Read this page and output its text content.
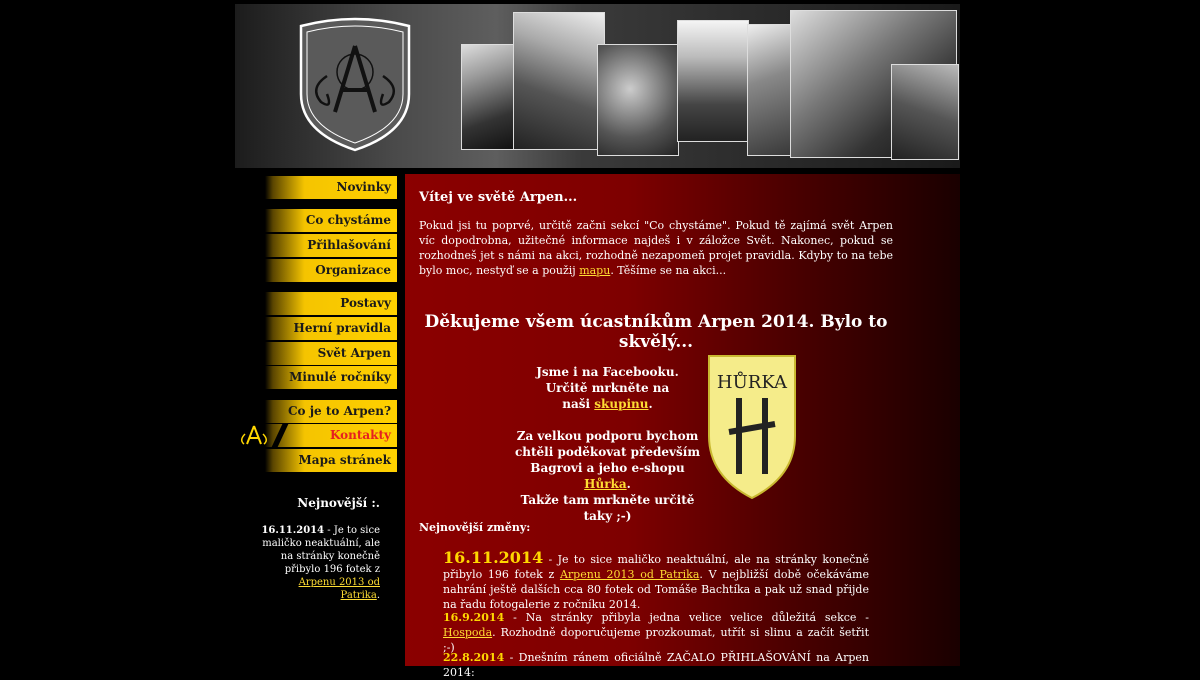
Novinky
Co chystáme
Přihlašování
Organizace
Postavy
Herní pravidla
Svět Arpen
Minulé ročníky
Co je to Arpen?
Kontakty
Mapa stránek
Nejnovější :.
16.11.2014 - Je to sice maličko neaktuální, ale na stránky konečně přibylo 196 fotek z Arpenu 2013 od Patrika.
Vítej ve světě Arpen...
Pokud jsi tu poprvé, určitě začni sekcí "Co chystáme". Pokud tě zajímá svět Arpen víc dopodrobna, užitečné informace najdeš i v záložce Svět. Nakonec, pokud se rozhodneš jet s námi na akci, rozhodně nezapomeň projet pravidla. Kdyby to na tebe bylo moc, nestyď se a použij mapu. Těšíme se na akci...
Děkujeme všem úcastníkům Arpen 2014. Bylo to skvělý...
Jsme i na Facebooku.
Určitě mrkněte na
naši skupinu.
Za velkou podporu bychom
chtěli poděkovat především
Bagrovi a jeho e-shopu Hůrka.
Takže tam mrkněte určitě taky ;-)
HŮRKA
Nejnovější změny:
16.11.2014 - Je to sice maličko neaktuální, ale na stránky konečně přibylo 196 fotek z Arpenu 2013 od Patrika. V nejbližší době očekáváme nahrání ještě dalších cca 80 fotek od Tomáše Bachtíka a pak už snad přijde na řadu fotogalerie z ročníku 2014.
16.9.2014 - Na stránky přibyla jedna velice velice důležitá sekce - Hospoda. Rozhodně doporučujeme prozkoumat, utřít si slinu a začít šetřit ;-)
22.8.2014 - Dnešním ránem oficiálně ZAČALO PŘIHLAŠOVÁNÍ na Arpen 2014:
